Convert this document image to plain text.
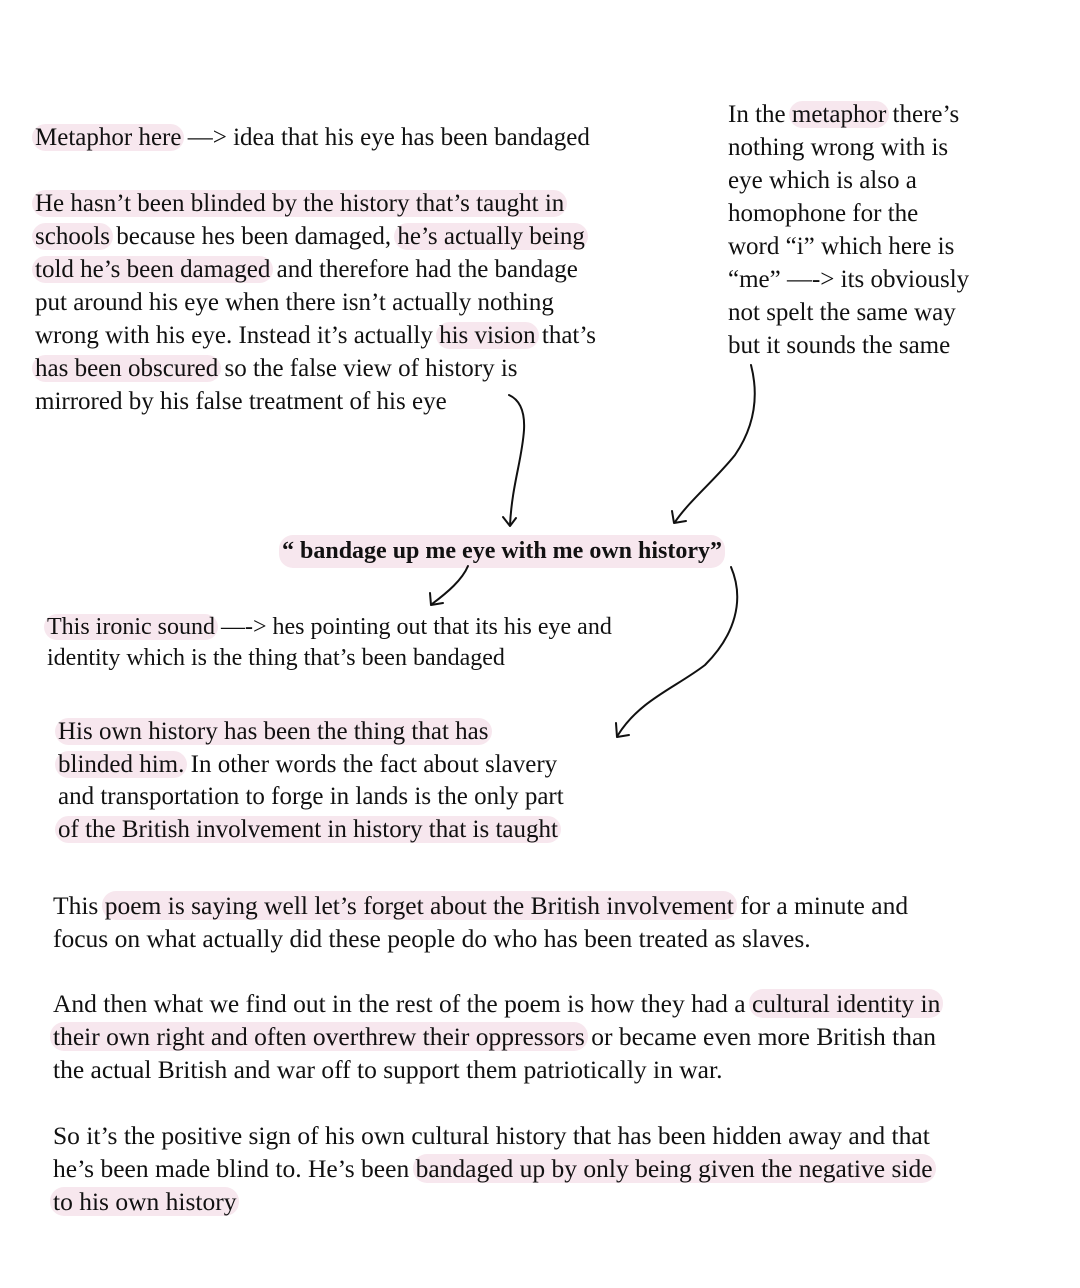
Metaphor here —> idea that his eye has been bandaged
He hasn’t been blinded by the history that’s taught in
schools because hes been damaged, he’s actually being
told he’s been damaged and therefore had the bandage
put around his eye when there isn’t actually nothing
wrong with his eye. Instead it’s actually his vision that’s
has been obscured so the false view of history is
mirrored by his false treatment of his eye
In the metaphor there’s
nothing wrong with is
eye which is also a
homophone for the
word “i” which here is
“me” —-> its obviously
not spelt the same way
but it sounds the same
“ bandage up me eye with me own history”
This ironic sound —-> hes pointing out that its his eye and
identity which is the thing that’s been bandaged
His own history has been the thing that has
blinded him. In other words the fact about slavery
and transportation to forge in lands is the only part
of the British involvement in history that is taught
This poem is saying well let’s forget about the British involvement for a minute and
focus on what actually did these people do who has been treated as slaves.
And then what we find out in the rest of the poem is how they had a cultural identity in
their own right and often overthrew their oppressors or became even more British than
the actual British and war off to support them patriotically in war.
So it’s the positive sign of his own cultural history that has been hidden away and that
he’s been made blind to. He’s been bandaged up by only being given the negative side
to his own history
